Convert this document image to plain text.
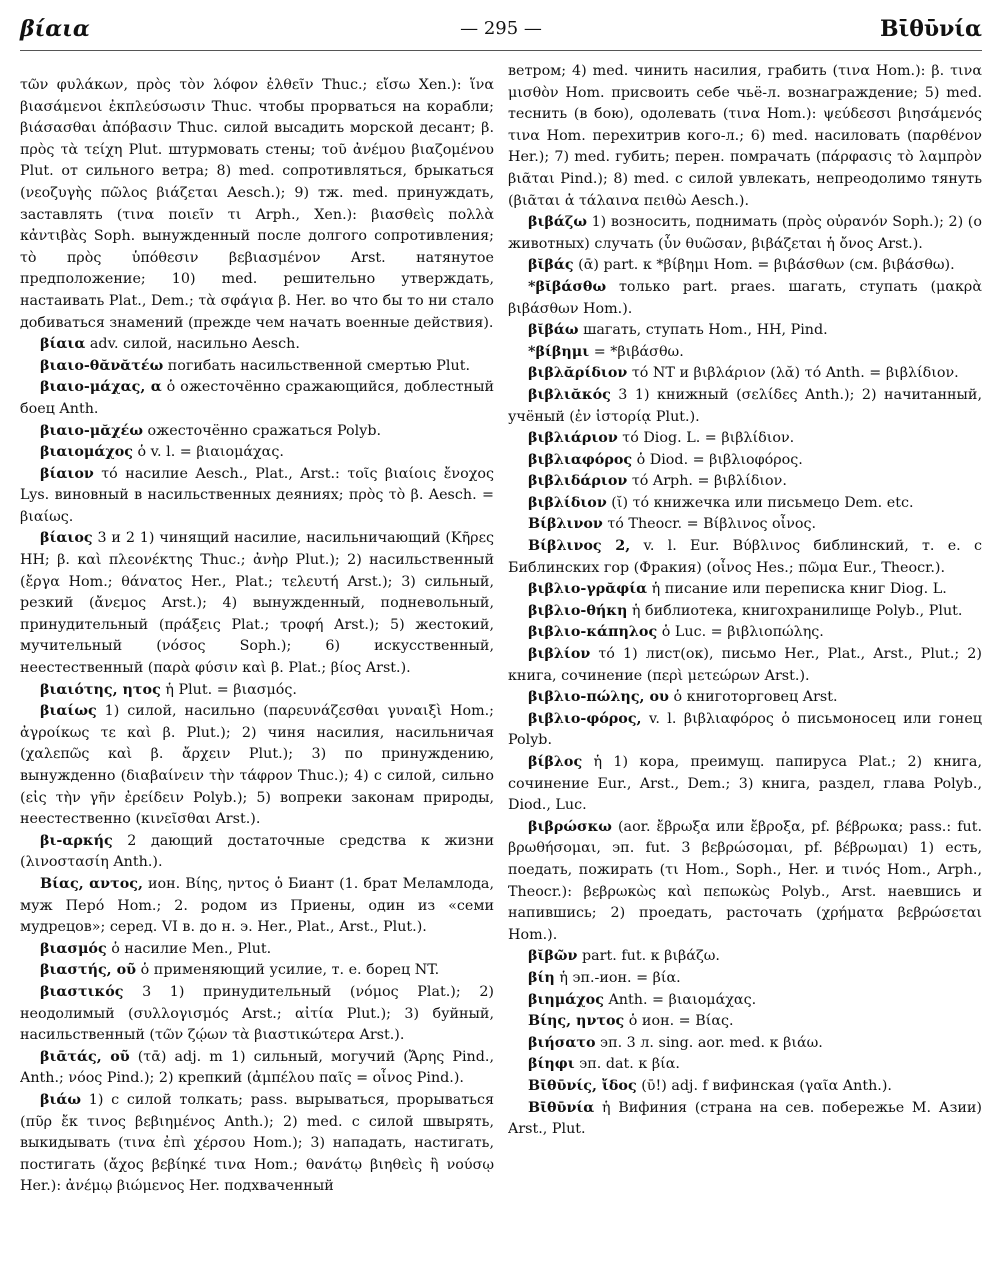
βίαια	— 295 —	Βῑθῡνία

τῶν φυλάκων, πρὸς τὸν λόφον ἐλθεῖν Thuc.; εἴσω Xen.): ἵνα βιασάμενοι ἐκπλεύσωσιν Thuc. чтобы прорваться на корабли; βιάσασθαι ἀπόβασιν Thuc. силой высадить морской десант; β. πρὸς τὰ τείχη Plut. штурмовать стены; τοῦ ἀνέμου βιαζομένου Plut. от сильного ветра; 8) med. сопротивляться, брыкаться (νεοζυγὴς πῶλος βιάζεται Aesch.); 9) тж. med. принуждать, заставлять (τινα ποιεῖν τι Arph., Xen.): βιασθεὶς πολλὰ κἀντιβὰς Soph. вынужденный после долгого сопротивления; τὸ πρὸς ὑπόθεσιν βεβιασμένον Arst. натянутое предположение; 10) med. решительно утверждать, настаивать Plat., Dem.; τὰ σφάγια β. Her. во что бы то ни стало добиваться знамений (прежде чем начать военные действия).

βίαια adv. силой, насильно Aesch.

βιαιο-θᾰνᾰτέω погибать насильственной смертью Plut.

βιαιο-μάχας, α ὁ ожесточённо сражающийся, доблестный боец Anth.

βιαιο-μᾰχέω ожесточённо сражаться Polyb.

βιαιομάχος ὁ v. l. = βιαιομάχας.

βίαιον τό насилие Aesch., Plat., Arst.: τοῖς βιαίοις ἔνοχος Lys. виновный в насильственных деяниях; πρὸς τὸ β. Aesch. = βιαίως.

βίαιος 3 и 2 1) чинящий насилие, насильничающий (Κῆρες HH; β. καὶ πλεονέκτης Thuc.; ἀνὴρ Plut.); 2) насильственный (ἔργα Hom.; θάνατος Her., Plat.; τελευτή Arst.); 3) сильный, резкий (ἄνεμος Arst.); 4) вынужденный, подневольный, принудительный (πράξεις Plat.; τροφή Arst.); 5) жестокий, мучительный (νόσος Soph.); 6) искусственный, неестественный (παρὰ φύσιν καὶ β. Plat.; βίος Arst.).

βιαιότης, ητος ἡ Plut. = βιασμός.

βιαίως 1) силой, насильно (παρευνάζεσθαι γυναιξὶ Hom.; ἀγροίκως τε καὶ β. Plut.); 2) чиня насилия, насильничая (χαλεπῶς καὶ β. ἄρχειν Plut.); 3) по принуждению, вынужденно (διαβαίνειν τὴν τάφρον Thuc.); 4) с силой, сильно (εἰς τὴν γῆν ἐρείδειν Polyb.); 5) вопреки законам природы, неестественно (κινεῖσθαι Arst.).

βι-αρκής 2 дающий достаточные средства к жизни (λινοστασίη Anth.).

Βίας, αντος, ион. Βίης, ηντος ὁ Биант (1. брат Меламлода, муж Перó Hom.; 2. родом из Приены, один из «семи мудрецов»; серед. VI в. до н. э. Her., Plat., Arst., Plut.).

βιασμός ὁ насилие Men., Plut.

βιαστής, οῦ ὁ применяющий усилие, т. е. борец NT.

βιαστικός 3 1) принудительный (νόμος Plat.); 2) неодолимый (συλλογισμός Arst.; αἰτία Plut.); 3) буйный, насильственный (τῶν ζῴων τὰ βιαστικώτερα Arst.).

βιᾱτάς, οῦ (τᾱ) adj. m 1) сильный, могучий (Ἄρης Pind., Anth.; νόος Pind.); 2) крепкий (ἀμπέλου παῖς = οἶνος Pind.).

βιάω 1) с силой толкать; pass. вырываться, прорываться (πῦρ ἔκ τινος βεβιημένος Anth.); 2) med. с силой швырять, выкидывать (τινα ἐπὶ χέρσου Hom.); 3) нападать, настигать, постигать (ἄχος βεβίηκέ τινα Hom.; θανάτῳ βιηθεὶς ἢ νούσῳ Her.): ἀνέμῳ βιώμενος Her. подхваченный

ветром; 4) med. чинить насилия, грабить (τινα Hom.): β. τινα μισθὸν Hom. присвоить себе чьё-л. вознаграждение; 5) med. теснить (в бою), одолевать (τινα Hom.): ψεύδεσσι βιησάμενός τινα Hom. перехитрив кого-л.; 6) med. насиловать (παρθένον Her.); 7) med. губить; перен. помрачать (πάρφασις τὸ λαμπρὸν βιᾶται Pind.); 8) med. с силой увлекать, непреодолимо тянуть (βιᾶται ἁ τάλαινα πειθὼ Aesch.).

βιβάζω 1) возносить, поднимать (πρὸς οὐρανόν Soph.); 2) (о животных) случать (ὗν θυῶσαν, βιβάζεται ἡ ὄνος Arst.).

βῐβάς (ᾱ) part. к *βίβημι Hom. = βιβάσθων (см. βιβάσθω).

*βῐβάσθω только part. praes. шагать, ступать (μακρὰ βιβάσθων Hom.).

βῐβάω шагать, ступать Hom., HH, Pind.

*βίβημι = *βιβάσθω.

βιβλᾰρίδιον τό NT и βιβλάριον (λᾰ) τό Anth. = βιβλίδιον.

βιβλιᾰκός 3 1) книжный (σελίδες Anth.); 2) начитанный, учёный (ἐν ἱστορίᾳ Plut.).

βιβλιάριον τό Diog. L. = βιβλίδιον.

βιβλιαφόρος ὁ Diod. = βιβλιοφόρος.

βιβλιδάριον τό Arph. = βιβλίδιον.

βιβλίδιον (ῐ) τό книжечка или письмецо Dem. etc.

Βίβλινον τό Theocr. = Βίβλινος οἶνος.

Βίβλινος 2, v. l. Eur. Βύβλινος библинский, т. е. с Библинских гор (Фракия) (οἶνος Hes.; πῶμα Eur., Theocr.).

βιβλιο-γρᾰφία ἡ писание или переписка книг Diog. L.

βιβλιο-θήκη ἡ библиотека, книгохранилище Polyb., Plut.

βιβλιο-κάπηλος ὁ Luc. = βιβλιοπώλης.

βιβλίον τό 1) лист(ок), письмо Her., Plat., Arst., Plut.; 2) книга, сочинение (περὶ μετεώρων Arst.).

βιβλιο-πώλης, ου ὁ книготорговец Arst.

βιβλιο-φόρος, v. l. βιβλιαφόρος ὁ письмоносец или гонец Polyb.

βίβλος ἡ 1) кора, преимущ. папируса Plat.; 2) книга, сочинение Eur., Arst., Dem.; 3) книга, раздел, глава Polyb., Diod., Luc.

βιβρώσκω (aor. ἔβρωξα или ἔβροξα, pf. βέβρωκα; pass.: fut. βρωθήσομαι, эп. fut. 3 βεβρώσομαι, pf. βέβρωμαι) 1) есть, поедать, пожирать (τι Hom., Soph., Her. и τινός Hom., Arph., Theocr.): βεβρωκὼς καὶ πεπωκὼς Polyb., Arst. наевшись и напившись; 2) проедать, расточать (χρήματα βεβρώσεται Hom.).

βῐβῶν part. fut. к βιβάζω.

βίη ἡ эп.-ион. = βία.

βιημάχος Anth. = βιαιομάχας.

Βίης, ηντος ὁ ион. = Βίας.

βιήσατο эп. 3 л. sing. aor. med. к βιάω.

βίηφι эп. dat. к βία.

Βῑθῡνίς, ἴδος (ῡ!) adj. f вифинская (γαῖα Anth.).

Βῑθῡνία ἡ Вифиния (страна на сев. побережье М. Азии) Arst., Plut.
